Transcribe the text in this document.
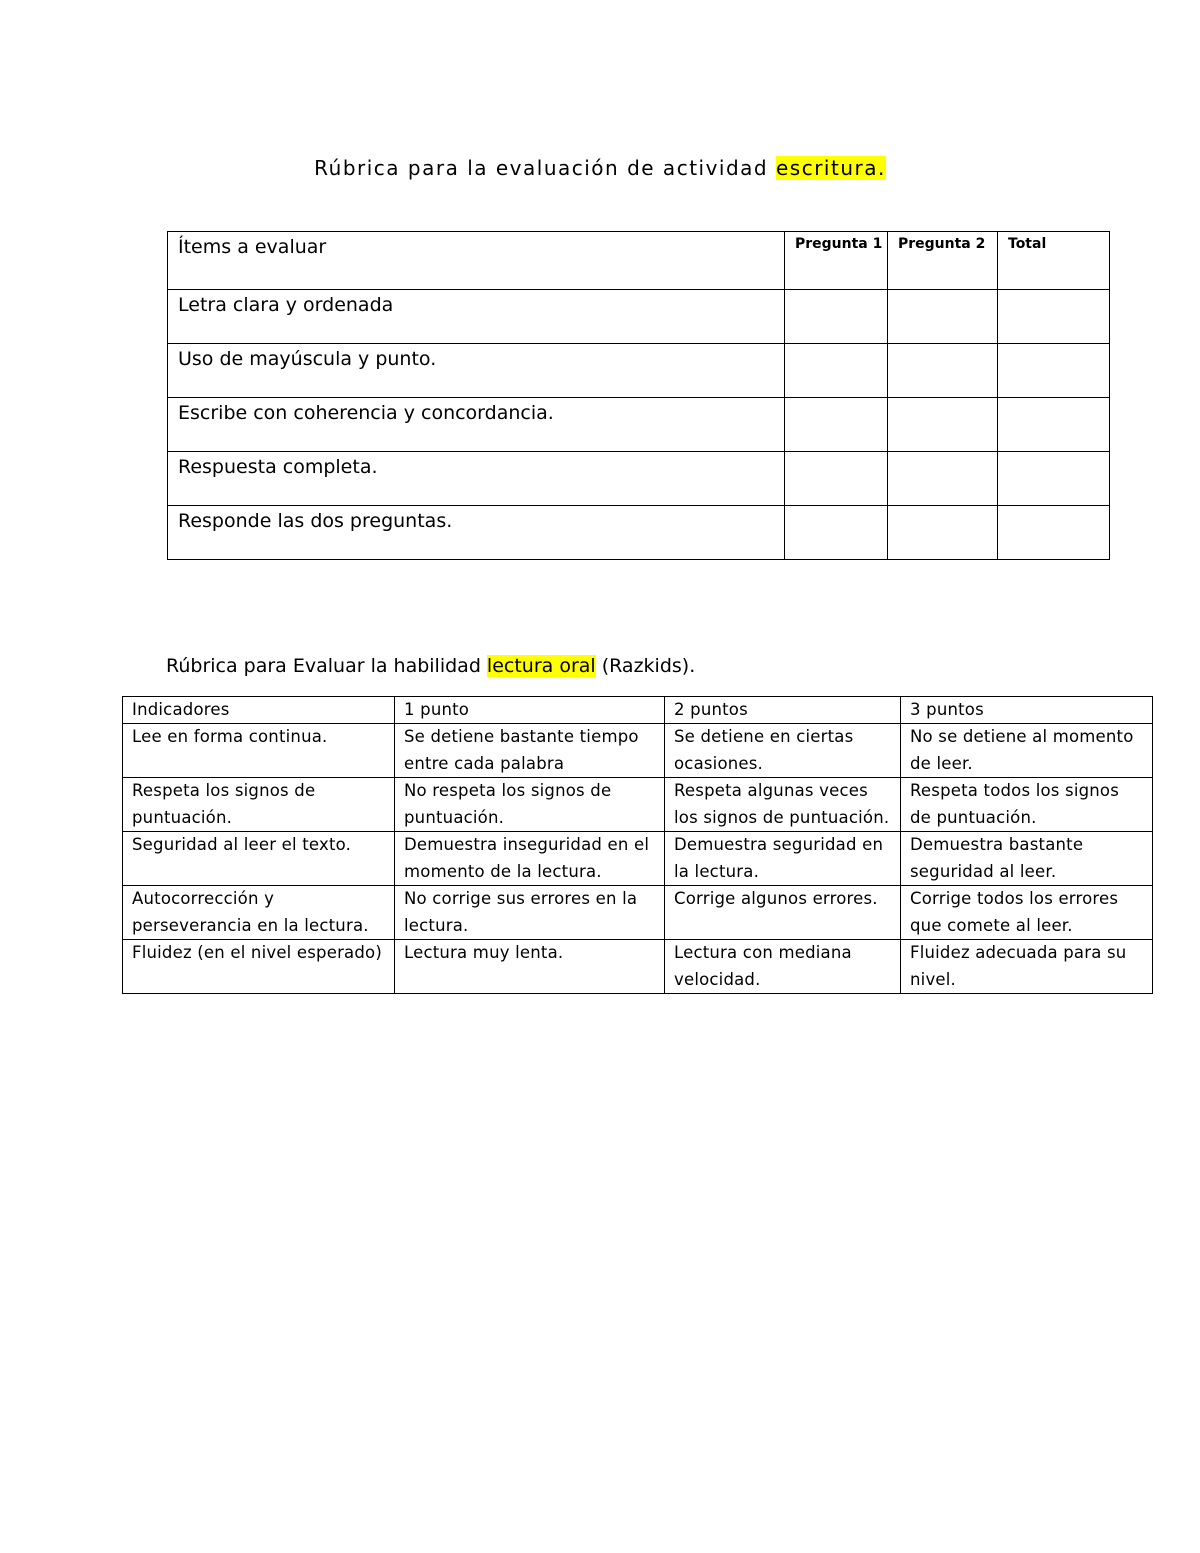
Rúbrica para la evaluación de actividad escritura.
Ítems a evaluar	Pregunta 1	Pregunta 2	Total
Letra clara y ordenada			
Uso de mayúscula y punto.			
Escribe con coherencia y concordancia.			
Respuesta completa.			
Responde las dos preguntas.			
Rúbrica para Evaluar la habilidad lectura oral (Razkids).
Indicadores	1 punto	2 puntos	3 puntos
Lee en forma continua.	Se detiene bastante tiempo entre cada palabra	Se detiene en ciertas ocasiones.	No se detiene al momento de leer.
Respeta los signos de puntuación.	No respeta los signos de puntuación.	Respeta algunas veces los signos de puntuación.	Respeta todos los signos de puntuación.
Seguridad al leer el texto.	Demuestra inseguridad en el momento de la lectura.	Demuestra seguridad en la lectura.	Demuestra bastante seguridad al leer.
Autocorrección y perseverancia en la lectura.	No corrige sus errores en la lectura.	Corrige algunos errores.	Corrige todos los errores que comete al leer.
Fluidez (en el nivel esperado)	Lectura muy lenta.	Lectura con mediana velocidad.	Fluidez adecuada para su nivel.
